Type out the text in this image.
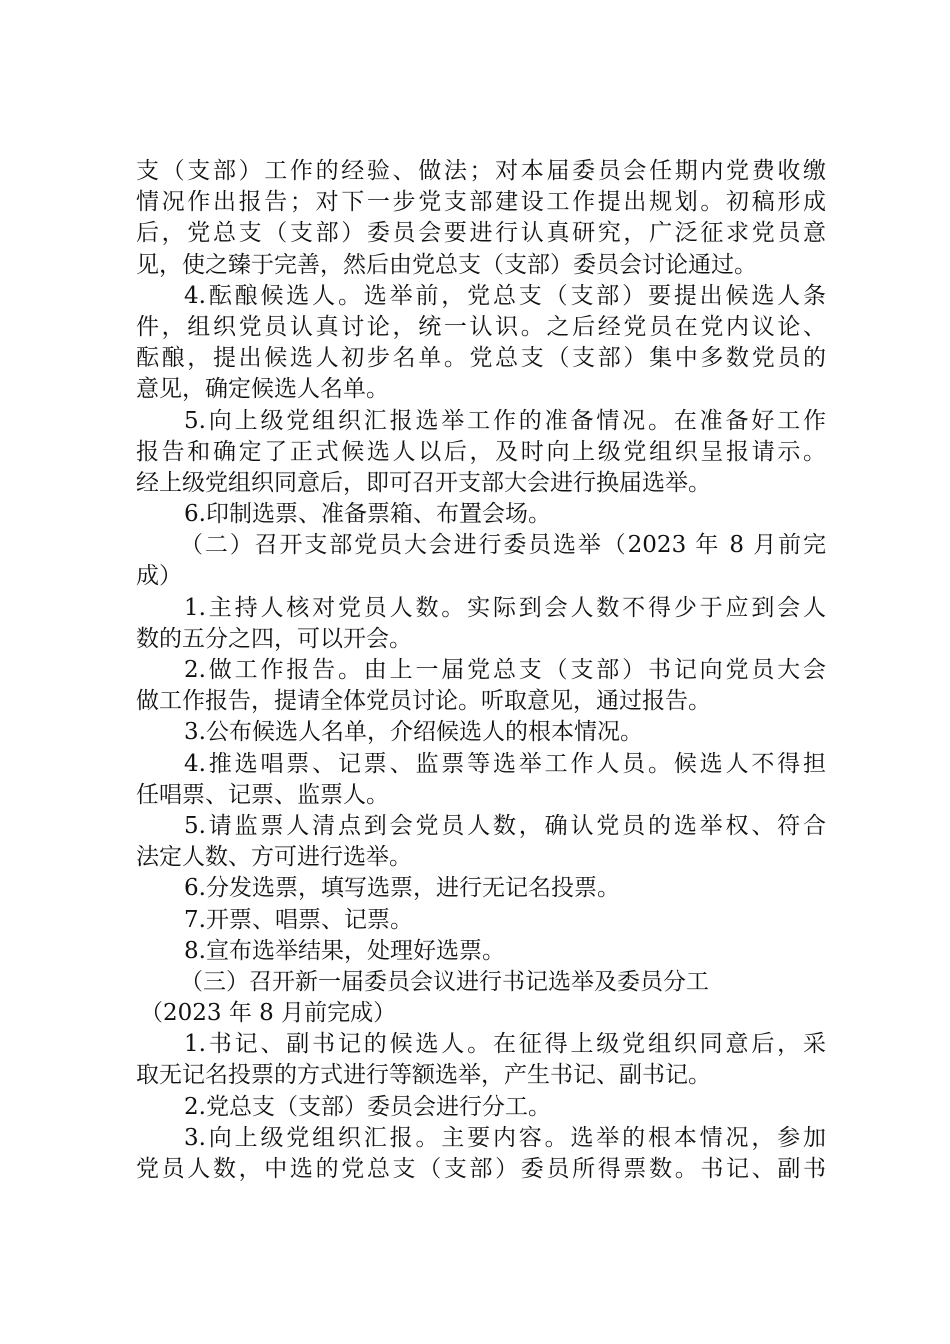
支（支部）工作的经验、做法；对本届委员会任期内党费收缴
情况作出报告；对下一步党支部建设工作提出规划。初稿形成
后，党总支（支部）委员会要进行认真研究，广泛征求党员意
见，使之臻于完善，然后由党总支（支部）委员会讨论通过。
4.酝酿候选人。选举前，党总支（支部）要提出候选人条
件，组织党员认真讨论，统一认识。之后经党员在党内议论、
酝酿，提出候选人初步名单。党总支（支部）集中多数党员的
意见，确定候选人名单。
5.向上级党组织汇报选举工作的准备情况。在准备好工作
报告和确定了正式候选人以后，及时向上级党组织呈报请示。
经上级党组织同意后，即可召开支部大会进行换届选举。
6.印制选票、准备票箱、布置会场。
（二）召开支部党员大会进行委员选举（2023 年 8 月前完
成）
1.主持人核对党员人数。实际到会人数不得少于应到会人
数的五分之四，可以开会。
2.做工作报告。由上一届党总支（支部）书记向党员大会
做工作报告，提请全体党员讨论。听取意见，通过报告。
3.公布候选人名单，介绍候选人的根本情况。
4.推选唱票、记票、监票等选举工作人员。候选人不得担
任唱票、记票、监票人。
5.请监票人清点到会党员人数，确认党员的选举权、符合
法定人数、方可进行选举。
6.分发选票，填写选票，进行无记名投票。
7.开票、唱票、记票。
8.宣布选举结果，处理好选票。
（三）召开新一届委员会议进行书记选举及委员分工
（2023 年 8 月前完成）
1.书记、副书记的候选人。在征得上级党组织同意后，采
取无记名投票的方式进行等额选举，产生书记、副书记。
2.党总支（支部）委员会进行分工。
3.向上级党组织汇报。主要内容。选举的根本情况，参加
党员人数，中选的党总支（支部）委员所得票数。书记、副书
